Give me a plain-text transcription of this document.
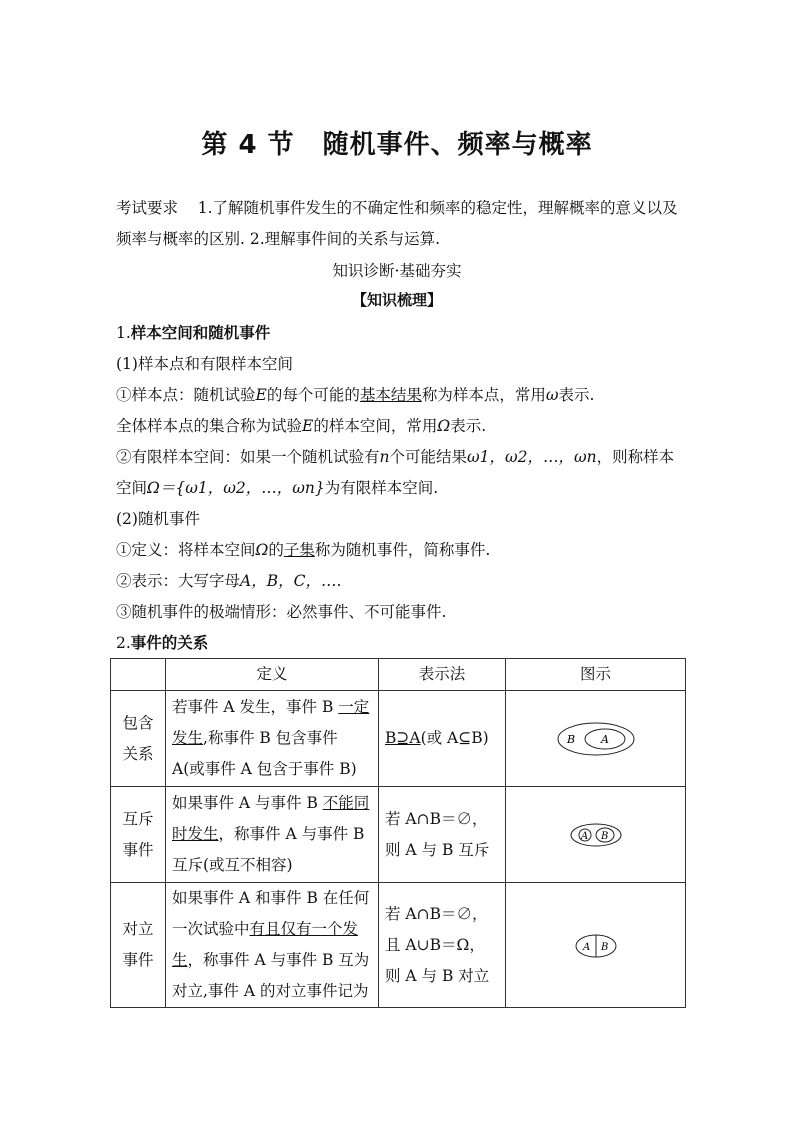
第 4 节 随机事件、频率与概率
考试要求 1.了解随机事件发生的不确定性和频率的稳定性，理解概率的意义以及频率与概率的区别. 2.理解事件间的关系与运算.
知识诊断·基础夯实
【知识梳理】
1.样本空间和随机事件
(1)样本点和有限样本空间
①样本点：随机试验E的每个可能的基本结果称为样本点，常用ω表示.
全体样本点的集合称为试验E的样本空间，常用Ω表示.
②有限样本空间：如果一个随机试验有n个可能结果ω1，ω2，…，ωn，则称样本
空间Ω＝{ω1，ω2，…，ωn}为有限样本空间.
(2)随机事件
①定义：将样本空间Ω的子集称为随机事件，简称事件.
②表示：大写字母A，B，C，….
③随机事件的极端情形：必然事件、不可能事件.
2.事件的关系
	定义	表示法	图示
包含关系	若事件 A 发生，事件 B 一定发生,称事件 B 包含事件 A(或事件 A 包含于事件 B)	B⊇A(或 A⊆B)	B A

互斥事件	如果事件 A 与事件 B 不能同时发生，称事件 A 与事件 B 互斥(或互不相容)	若 A∩B＝∅，则 A 与 B 互斥	A B

对立事件	如果事件 A 和事件 B 在任何一次试验中有且仅有一个发生，称事件 A 与事件 B 互为对立,事件 A 的对立事件记为	若 A∩B＝∅，且 A∪B＝Ω，则 A 与 B 对立	A B
